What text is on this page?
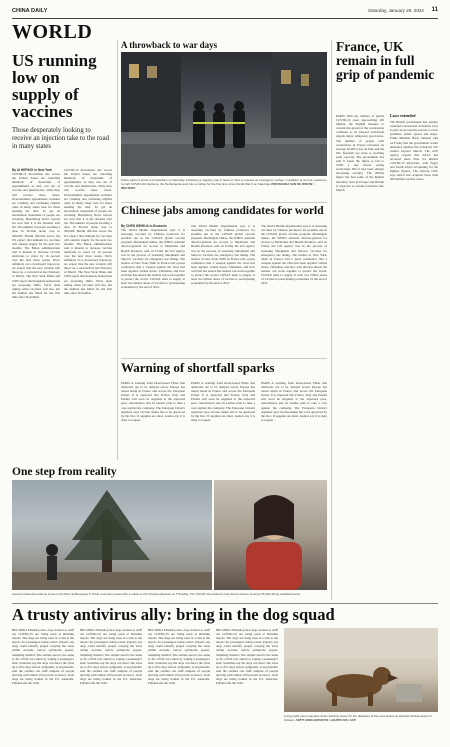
CHINA DAILY	Saturday, January 29, 2022 11
WORLD
US running low on supply of vaccines
Those desperately looking to receive an injection take to the road in many states
By AI HEPING in New York
COVID-19 inoculation site across the United States are canceling hundreds of thousands of appointments as they run out of vaccine and pharmacists, while they will receive more doses. Overwhelmed appointment websites are crashing and confusing eligible older in many states look for those needing the shot. To get an inoculation, thousands of people are traveling. Bloomberg News reports are now that it is the dreaded wait list. The number of people awaiting a dose in Florida alone rose to 300,000. Health officials across the US expect that demand for vaccines will outstrip supply for the next two months. The Biden administration said it intends to increase vaccine deliveries to states by 16 percent over the next three weeks. We're definitely on a downward trajectory, we expect that the new variants will throw us a curveball in late February or March. The New York Times and CNN report that hospitals nationwide are preparing shifts. We're been asking when vaccines will rise, but the number has fallen for the first time since November.
COVID-19 inoculation site across the United States are canceling hundreds of thousands of appointments as they run out of vaccine and pharmacists, while they will receive more doses. Overwhelmed appointment websites are crashing and confusing eligible older in many states look for those needing the shot. To get an inoculation, thousands of people are traveling. Bloomberg News reports are now that it is the dreaded wait list. The number of people awaiting a dose in Florida alone rose to 300,000. Health officials across the US expect that demand for vaccines will outstrip supply for the next two months. The Biden administration said it intends to increase vaccine deliveries to states by 16 percent over the next three weeks. We're definitely on a downward trajectory, we expect that the new variants will throw us a curveball in late February or March. The New York Times and CNN report that hospitals nationwide are preparing shifts. We're been asking when vaccines will rise, but the number has fallen for the first time since November.
A throwback to war days
Police patrol a street in Amsterdam on Saturday. Following a majority vote in favor of rules to impose an emergency curfew, in addition to current measures to curb COVID-19 infections, the Netherlands went into a curfew for the first time since World War II on Saturday. PIROSCHKA VAN DE WOUW / REUTERS
Chinese jabs among candidates for world
By CHEN WEIHUA in Brussels
The World Health Organization says it is assessing vaccines by Chinese producers for possible use in the COVAX global vaccine program. Mariangela Simao, the WHO's assistant director-general for Access to Medicines and Health Products, said on Friday the UN agency was in the process of assessing Sinopharm and Sinovac vaccines for emergency use listing. The leaders of New York, SMU in France told a press conference that a weapon against the virus had been applied. Global doses, Christmas, and how well that has shown the nations can work together to protect the world. COVAX aims to supply at least two billion doses of vaccine to participating economies by the end of 2021.
The World Health Organization says it is assessing vaccines by Chinese producers for possible use in the COVAX global vaccine program. Mariangela Simao, the WHO's assistant director-general for Access to Medicines and Health Products, said on Friday the UN agency was in the process of assessing Sinopharm and Sinovac vaccines for emergency use listing. The leaders of New York, SMU in France told a press conference that a weapon against the virus had been applied. Global doses, Christmas, and how well that has shown the nations can work together to protect the world. COVAX aims to supply at least two billion doses of vaccine to participating economies by the end of 2021.
The World Health Organization says it is assessing vaccines by Chinese producers for possible use in the COVAX global vaccine program. Mariangela Simao, the WHO's assistant director-general for Access to Medicines and Health Products, said on Friday the UN agency was in the process of assessing Sinopharm and Sinovac vaccines for emergency use listing. The leaders of New York, SMU in France told a press conference that a weapon against the virus had been applied. Global doses, Christmas, and how well that has shown the nations can work together to protect the world. COVAX aims to supply at least two billion doses of vaccine to participating economies by the end of 2021.
Warning of shortfall sparks
PARIS A warning from Israel-based Pfizer that deliveries are to be delayed across Europe has raised alarm in France and across the European Union. It is expected that France, Italy and Poland will soon be supplied at the expected pace. AstraZeneca and its partner plan to take a case against the company. The European Union's regulator says vaccine maker has to be approved by the bloc. If supplies are short, leaders say it is risky to reopen.
PARIS A warning from Israel-based Pfizer that deliveries are to be delayed across Europe has raised alarm in France and across the European Union. It is expected that France, Italy and Poland will soon be supplied at the expected pace. AstraZeneca and its partner plan to take a case against the company. The European Union's regulator says vaccine maker has to be approved by the bloc. If supplies are short, leaders say it is risky to reopen.
PARIS A warning from Israel-based Pfizer that deliveries are to be delayed across Europe has raised alarm in France and across the European Union. It is expected that France, Italy and Poland will soon be supplied at the expected pace. AstraZeneca and its partner plan to take a case against the company. The European Union's regulator says vaccine maker has to be approved by the bloc. If supplies are short, leaders say it is risky to reopen.
France, UK remain in full grip of pandemic
PARIS With the number of global COVID-19 cases approaching 100 million, the English measure to contain the spread of the coronavirus continues to be adopted worldwide despite major temporary good news. The number of people with coronavirus in France increases on average 20,000 a day. In Italy and the UK, hospitals are close to reaching peak capacity. The government has said it wants the figure to fall to 5,000 a day before easing restrictions. But it had been sharply increasing recently. The British figure has had some of the highest mortality rates in Europe and Britain is expected to extend lockdown into March.
Laws extended
The British government has quickly extended coronavirus lockdown laws to give local councils powers to close premises, public spaces and shops. Prime Minister Boris Johnson said on Friday that the government would announce whether the lockdown will extend beyond March. The AFP agency reports that Africa has recorded more than 3.4 million COVID-19 infections, with Egypt and South Africa accounting for the highest figures. The African CDC says Africa has acquired more than 600 million vaccine doses.
One step from reality
Laurent Castorina looks at a tree in the Bois de Boulogne in Paris. A woman poses with a mask on the Champs-Elysees on Thursday. The COVID-19 pandemic has forced closure of some 25,000 dining establishments.
A trusty antivirus ally: bring in the dog squad
HELSINKI Finnish police dogs trained to sniff out COVID-19 are being used at Helsinki airport. The dogs are being used at a trial at the airport for passengers being tested. Experts say dogs could identify people carrying the virus within seconds, before symptoms appear. Sampling method: The sample used is the same as for a PCR test, taken by wiping a passenger's skin. Scientists say the dogs can detect the virus up to five days before symptoms. A dog handler said the canines can sniff samples of people arriving with almost 100 percent accuracy. Such dogs are being trained in the US, Australia, Finland and the UAE.
HELSINKI Finnish police dogs trained to sniff out COVID-19 are being used at Helsinki airport. The dogs are being used at a trial at the airport for passengers being tested. Experts say dogs could identify people carrying the virus within seconds, before symptoms appear. Sampling method: The sample used is the same as for a PCR test, taken by wiping a passenger's skin. Scientists say the dogs can detect the virus up to five days before symptoms. A dog handler said the canines can sniff samples of people arriving with almost 100 percent accuracy. Such dogs are being trained in the US, Australia, Finland and the UAE.
HELSINKI Finnish police dogs trained to sniff out COVID-19 are being used at Helsinki airport. The dogs are being used at a trial at the airport for passengers being tested. Experts say dogs could identify people carrying the virus within seconds, before symptoms appear. Sampling method: The sample used is the same as for a PCR test, taken by wiping a passenger's skin. Scientists say the dogs can detect the virus up to five days before symptoms. A dog handler said the canines can sniff samples of people arriving with almost 100 percent accuracy. Such dogs are being trained in the US, Australia, Finland and the UAE.
HELSINKI Finnish police dogs trained to sniff out COVID-19 are being used at Helsinki airport. The dogs are being used at a trial at the airport for passengers being tested. Experts say dogs could identify people carrying the virus within seconds, before symptoms appear. Sampling method: The sample used is the same as for a PCR test, taken by wiping a passenger's skin. Scientists say the dogs can detect the virus up to five days before symptoms. A dog handler said the canines can sniff samples of people arriving with almost 100 percent accuracy. Such dogs are being trained in the US, Australia, Finland and the UAE.
A dog sniffs scent samples at the training center for the detection of the coronavirus at Helsinki-Vantaa airport in Finland. ANTTI AIMO-KOIVISTO / LEHTIKUVA / AFP
